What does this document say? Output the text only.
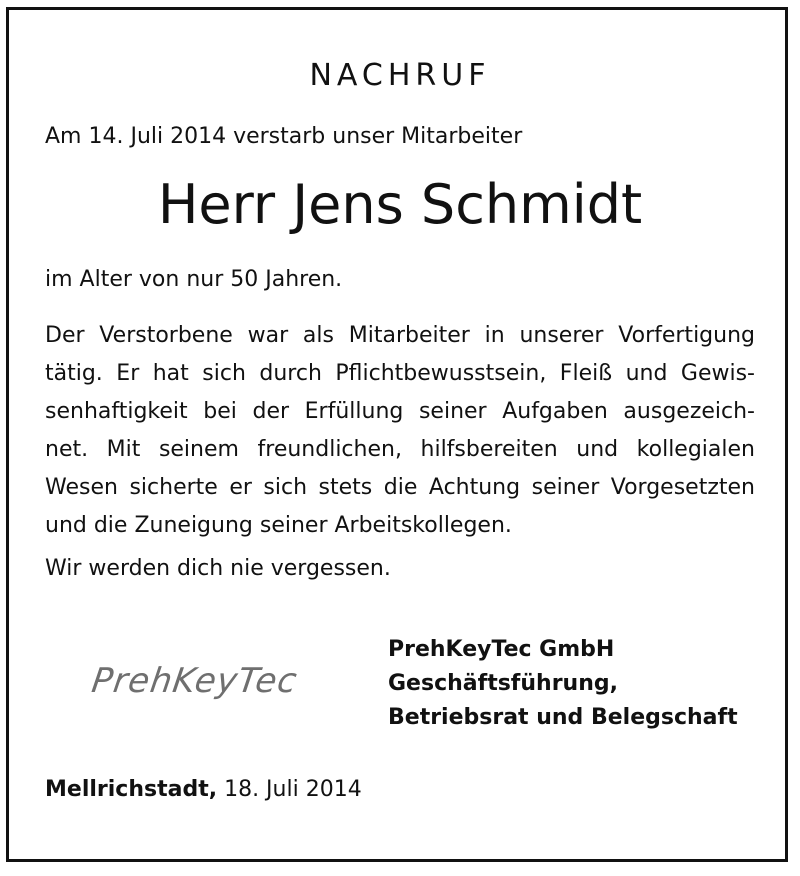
NACHRUF
Am 14. Juli 2014 verstarb unser Mitarbeiter
Herr Jens Schmidt
im Alter von nur 50 Jahren.
Der Verstorbene war als Mitarbeiter in unserer Vorfertigung
tätig. Er hat sich durch Pflichtbewusstsein, Fleiß und Gewis-
senhaftigkeit bei der Erfüllung seiner Aufgaben ausgezeich-
net. Mit seinem freundlichen, hilfsbereiten und kollegialen
Wesen sicherte er sich stets die Achtung seiner Vorgesetzten
und die Zuneigung seiner Arbeitskollegen.
Wir werden dich nie vergessen.
PrehKeyTec
PrehKeyTec GmbH
Geschäftsführung,
Betriebsrat und Belegschaft
Mellrichstadt, 18. Juli 2014
